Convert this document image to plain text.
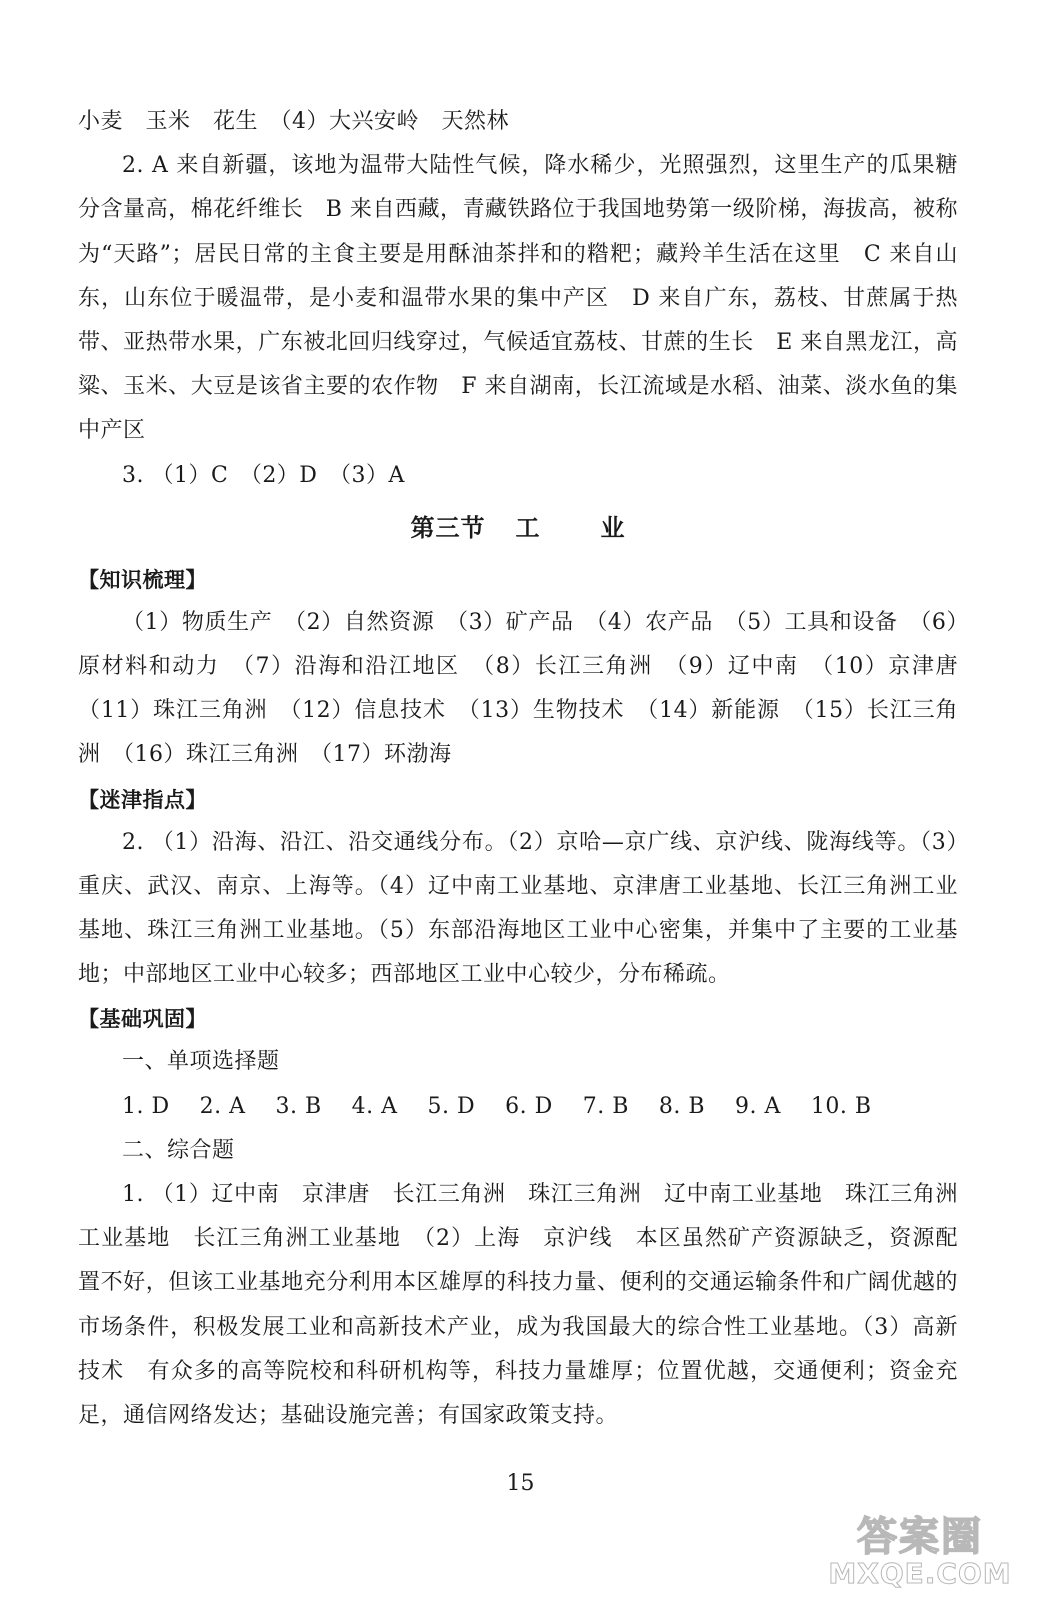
小麦　玉米　花生　（4）大兴安岭　天然林

2. A 来自新疆，该地为温带大陆性气候，降水稀少，光照强烈，这里生产的瓜果糖分含量高，棉花纤维长　B 来自西藏，青藏铁路位于我国地势第一级阶梯，海拔高，被称为“天路”；居民日常的主食主要是用酥油茶拌和的糌粑；藏羚羊生活在这里　C 来自山东，山东位于暖温带，是小麦和温带水果的集中产区　D 来自广东，荔枝、甘蔗属于热带、亚热带水果，广东被北回归线穿过，气候适宜荔枝、甘蔗的生长　E 来自黑龙江，高粱、玉米、大豆是该省主要的农作物　F 来自湖南，长江流域是水稻、油菜、淡水鱼的集中产区

3. （1）C　（2）D　（3）A

第三节 工	业
【知识梳理】

（1）物质生产　（2）自然资源　（3）矿产品　（4）农产品　（5）工具和设备　（6）原材料和动力　（7）沿海和沿江地区　（8）长江三角洲　（9）辽中南　（10）京津唐　（11）珠江三角洲　（12）信息技术　（13）生物技术　（14）新能源　（15）长江三角洲　（16）珠江三角洲　（17）环渤海

【迷津指点】

2. （1）沿海、沿江、沿交通线分布。（2）京哈—京广线、京沪线、陇海线等。（3）重庆、武汉、南京、上海等。（4）辽中南工业基地、京津唐工业基地、长江三角洲工业基地、珠江三角洲工业基地。（5）东部沿海地区工业中心密集，并集中了主要的工业基地；中部地区工业中心较多；西部地区工业中心较少，分布稀疏。

【基础巩固】

一、单项选择题

1. D　 2. A　 3. B　 4. A　 5. D　 6. D　 7. B　 8. B　 9. A　 10. B

二、综合题

1. （1）辽中南　京津唐　长江三角洲　珠江三角洲　辽中南工业基地　珠江三角洲工业基地　长江三角洲工业基地　（2）上海　京沪线　本区虽然矿产资源缺乏，资源配置不好，但该工业基地充分利用本区雄厚的科技力量、便利的交通运输条件和广阔优越的市场条件，积极发展工业和高新技术产业，成为我国最大的综合性工业基地。（3）高新技术　有众多的高等院校和科研机构等，科技力量雄厚；位置优越，交通便利；资金充足，通信网络发达；基础设施完善；有国家政策支持。

15
答案圈
MXQE.COM
